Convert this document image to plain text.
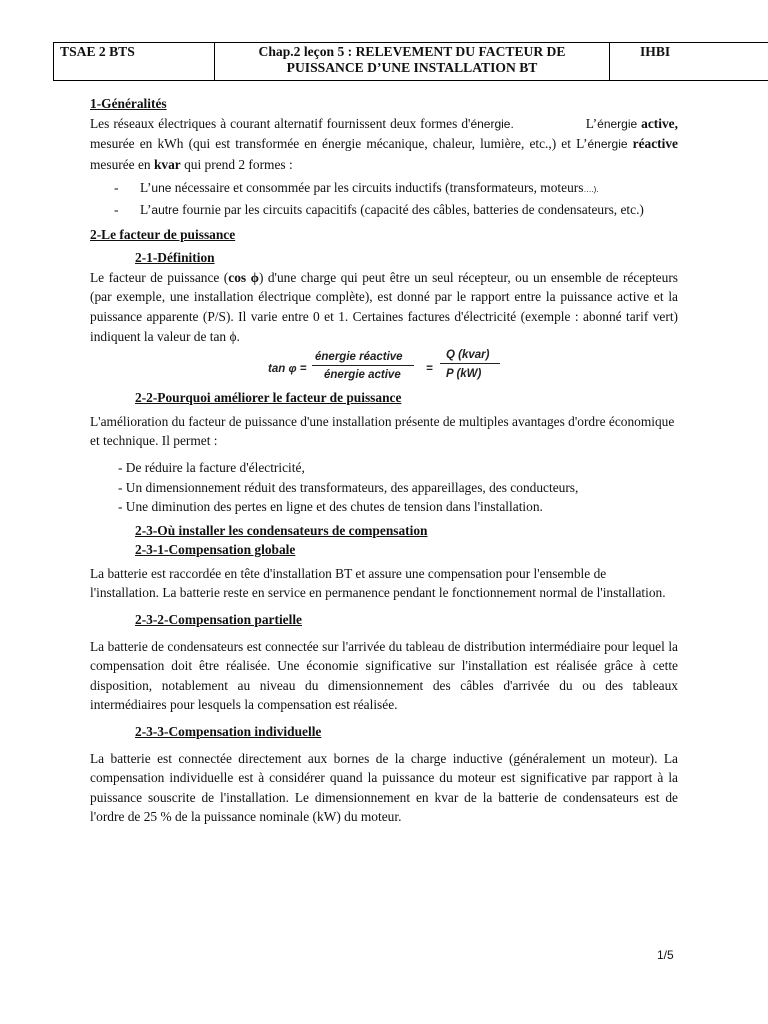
TSAE 2 BTS	Chap.2 leçon 5 : RELEVEMENT DU FACTEUR DE
PUISSANCE D’UNE INSTALLATION BT
	IHBI
1-Généralités

Les réseaux électriques à courant alternatif fournissent deux formes d'énergie.	L’énergie active, mesurée en kWh (qui est transformée en énergie mécanique, chaleur, lumière, etc.,) et L’énergie réactive mesurée en kvar qui prend 2 formes :

- L’une nécessaire et consommée par les circuits inductifs (transformateurs, moteurs….).
- L’autre fournie par les circuits capacitifs (capacité des câbles, batteries de condensateurs, etc.)
2-Le facteur de puissance
2-1-Définition

Le facteur de puissance (cos ϕ) d'une charge qui peut être un seul récepteur, ou un ensemble de récepteurs (par exemple, une installation électrique complète), est donné par le rapport entre la puissance active et la puissance apparente (P/S). Il varie entre 0 et 1. Certaines factures d'électricité (exemple : abonné tarif vert) indiquent la valeur de tan ϕ.

tan φ =
énergie réactive
énergie active =
Q (kvar)
P (kW)
2-2-Pourquoi améliorer le facteur de puissance

L'amélioration du facteur de puissance d'une installation présente de multiples avantages d'ordre économique et technique. Il permet :

- De réduire la facture d'électricité,
- Un dimensionnement réduit des transformateurs, des appareillages, des conducteurs,
- Une diminution des pertes en ligne et des chutes de tension dans l'installation.
2-3-Où installer les condensateurs de compensation
2-3-1-Compensation globale

La batterie est raccordée en tête d'installation BT et assure une compensation pour l'ensemble de l'installation. La batterie reste en service en permanence pendant le fonctionnement normal de l'installation.

2-3-2-Compensation partielle

La batterie de condensateurs est connectée sur l'arrivée du tableau de distribution intermédiaire pour lequel la compensation doit être réalisée. Une économie significative sur l'installation est réalisée grâce à cette disposition, notablement au niveau du dimensionnement des câbles d'arrivée du ou des tableaux intermédiaires pour lesquels la compensation est réalisée.

2-3-3-Compensation individuelle

La batterie est connectée directement aux bornes de la charge inductive (généralement un moteur). La compensation individuelle est à considérer quand la puissance du moteur est significative par rapport à la puissance souscrite de l'installation. Le dimensionnement en kvar de la batterie de condensateurs est de l'ordre de 25 % de la puissance nominale (kW) du moteur.

1/5
